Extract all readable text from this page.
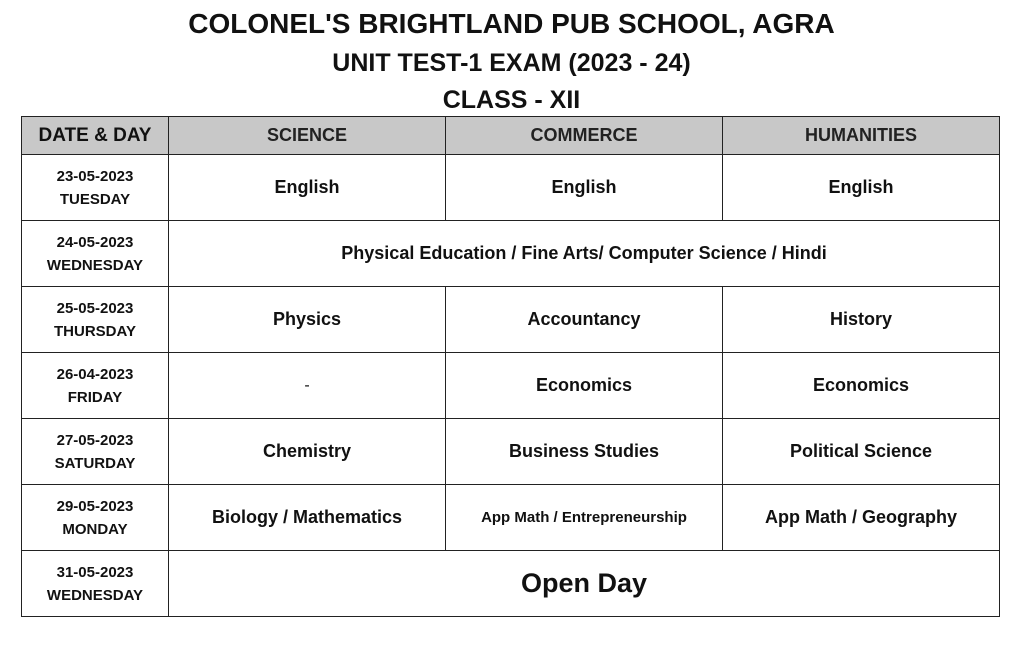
COLONEL'S BRIGHTLAND PUB SCHOOL, AGRA
UNIT TEST-1 EXAM (2023 - 24)
CLASS - XII
DATE & DAY	SCIENCE	COMMERCE	HUMANITIES

23-05-2023
TUESDAY	English	English	English

24-05-2023
WEDNESDAY	Physical Education / Fine Arts/ Computer Science / Hindi		

25-05-2023
THURSDAY	Physics	Accountancy	History

26-04-2023
FRIDAY	-	Economics	Economics

27-05-2023
SATURDAY	Chemistry	Business Studies	Political Science

29-05-2023
MONDAY	Biology / Mathematics	App Math / Entrepreneurship	App Math / Geography

31-05-2023
WEDNESDAY	Open Day		
